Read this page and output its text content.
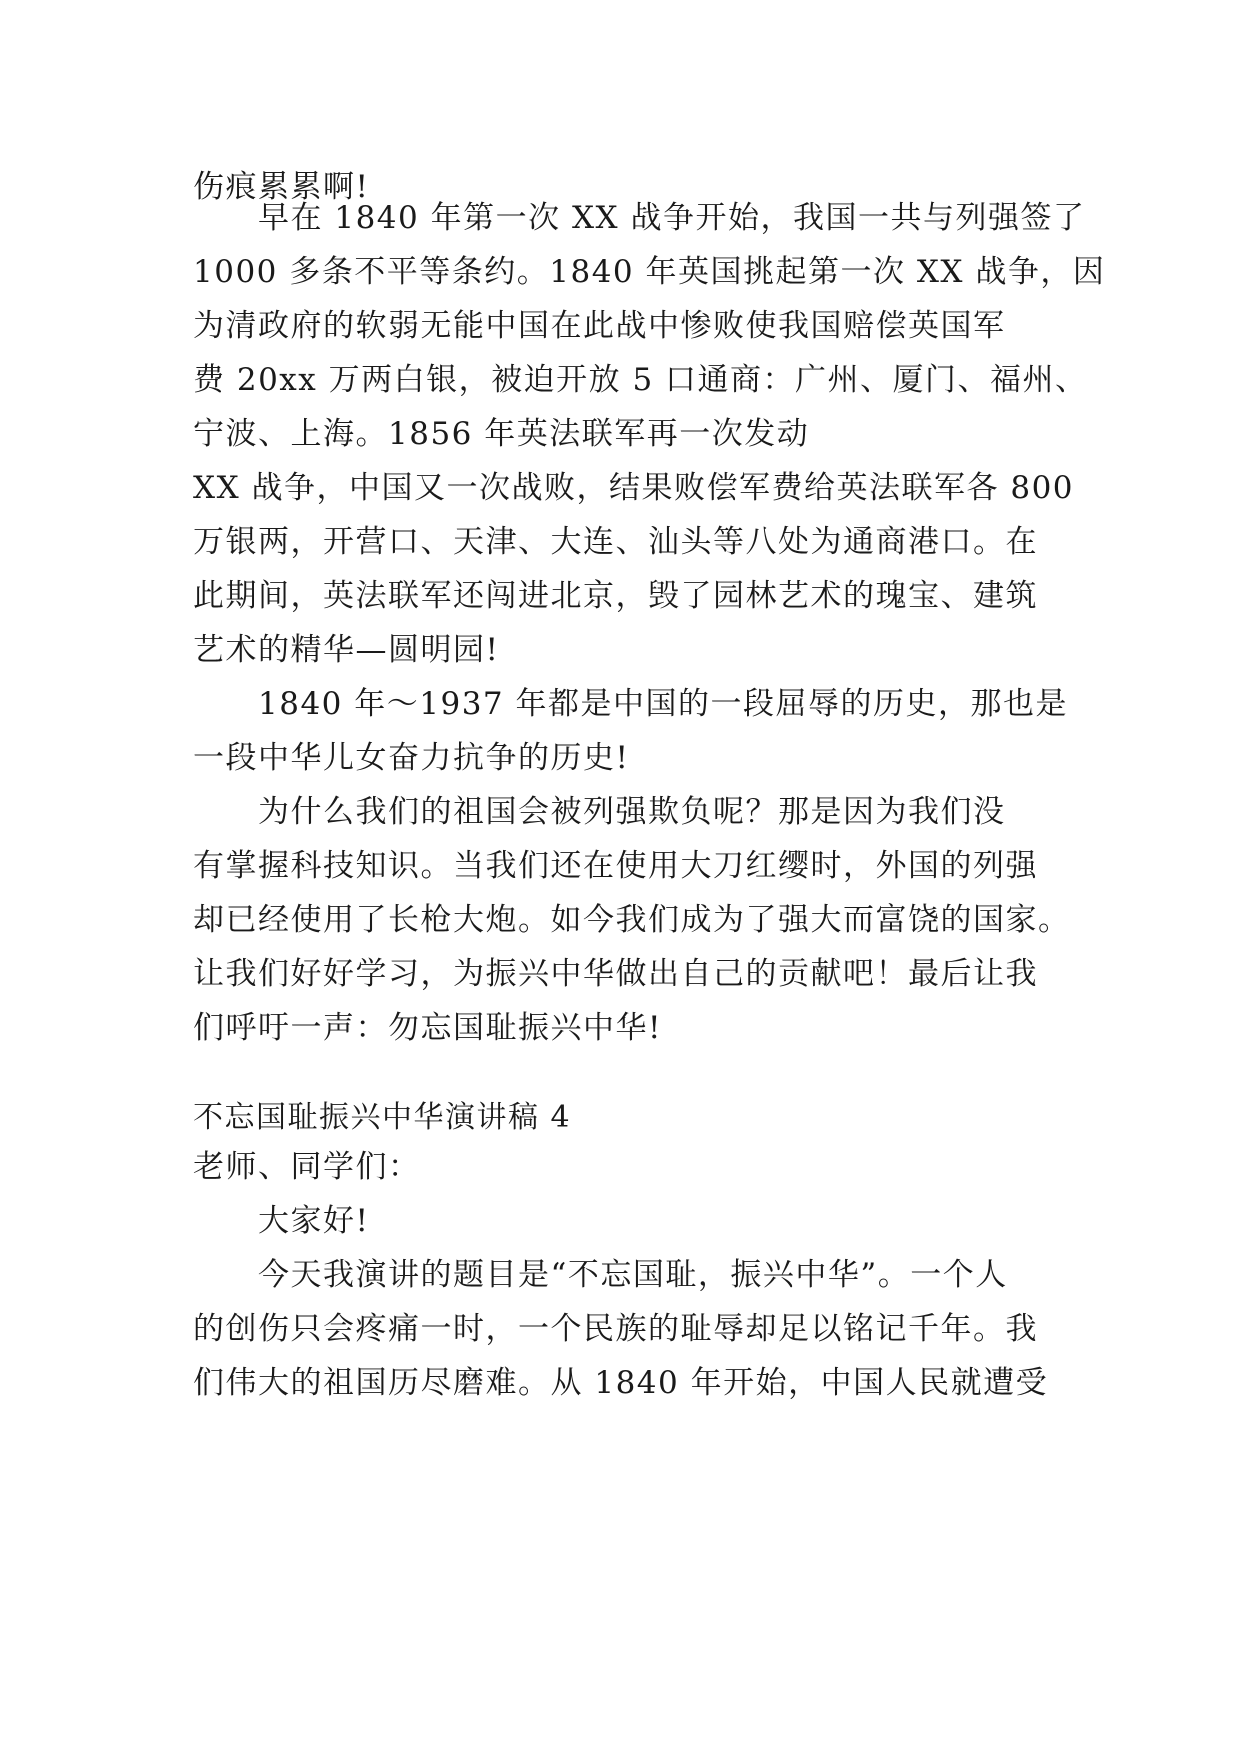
伤痕累累啊!
早在 1840 年第一次 XX 战争开始，我国一共与列强签了
1000 多条不平等条约。1840 年英国挑起第一次 XX 战争，因
为清政府的软弱无能中国在此战中惨败使我国赔偿英国军
费 20xx 万两白银，被迫开放 5 口通商：广州、厦门、福州、
宁波、上海。1856 年英法联军再一次发动
XX 战争，中国又一次战败，结果败偿军费给英法联军各 800
万银两，开营口、天津、大连、汕头等八处为通商港口。在
此期间，英法联军还闯进北京，毁了园林艺术的瑰宝、建筑
艺术的精华—圆明园!
1840 年～1937 年都是中国的一段屈辱的历史，那也是
一段中华儿女奋力抗争的历史!
为什么我们的祖国会被列强欺负呢？那是因为我们没
有掌握科技知识。当我们还在使用大刀红缨时，外国的列强
却已经使用了长枪大炮。如今我们成为了强大而富饶的国家。
让我们好好学习，为振兴中华做出自己的贡献吧！最后让我
们呼吁一声：勿忘国耻振兴中华!
不忘国耻振兴中华演讲稿 4
老师、同学们：
大家好!
今天我演讲的题目是“不忘国耻，振兴中华”。一个人
的创伤只会疼痛一时，一个民族的耻辱却足以铭记千年。我
们伟大的祖国历尽磨难。从 1840 年开始，中国人民就遭受
